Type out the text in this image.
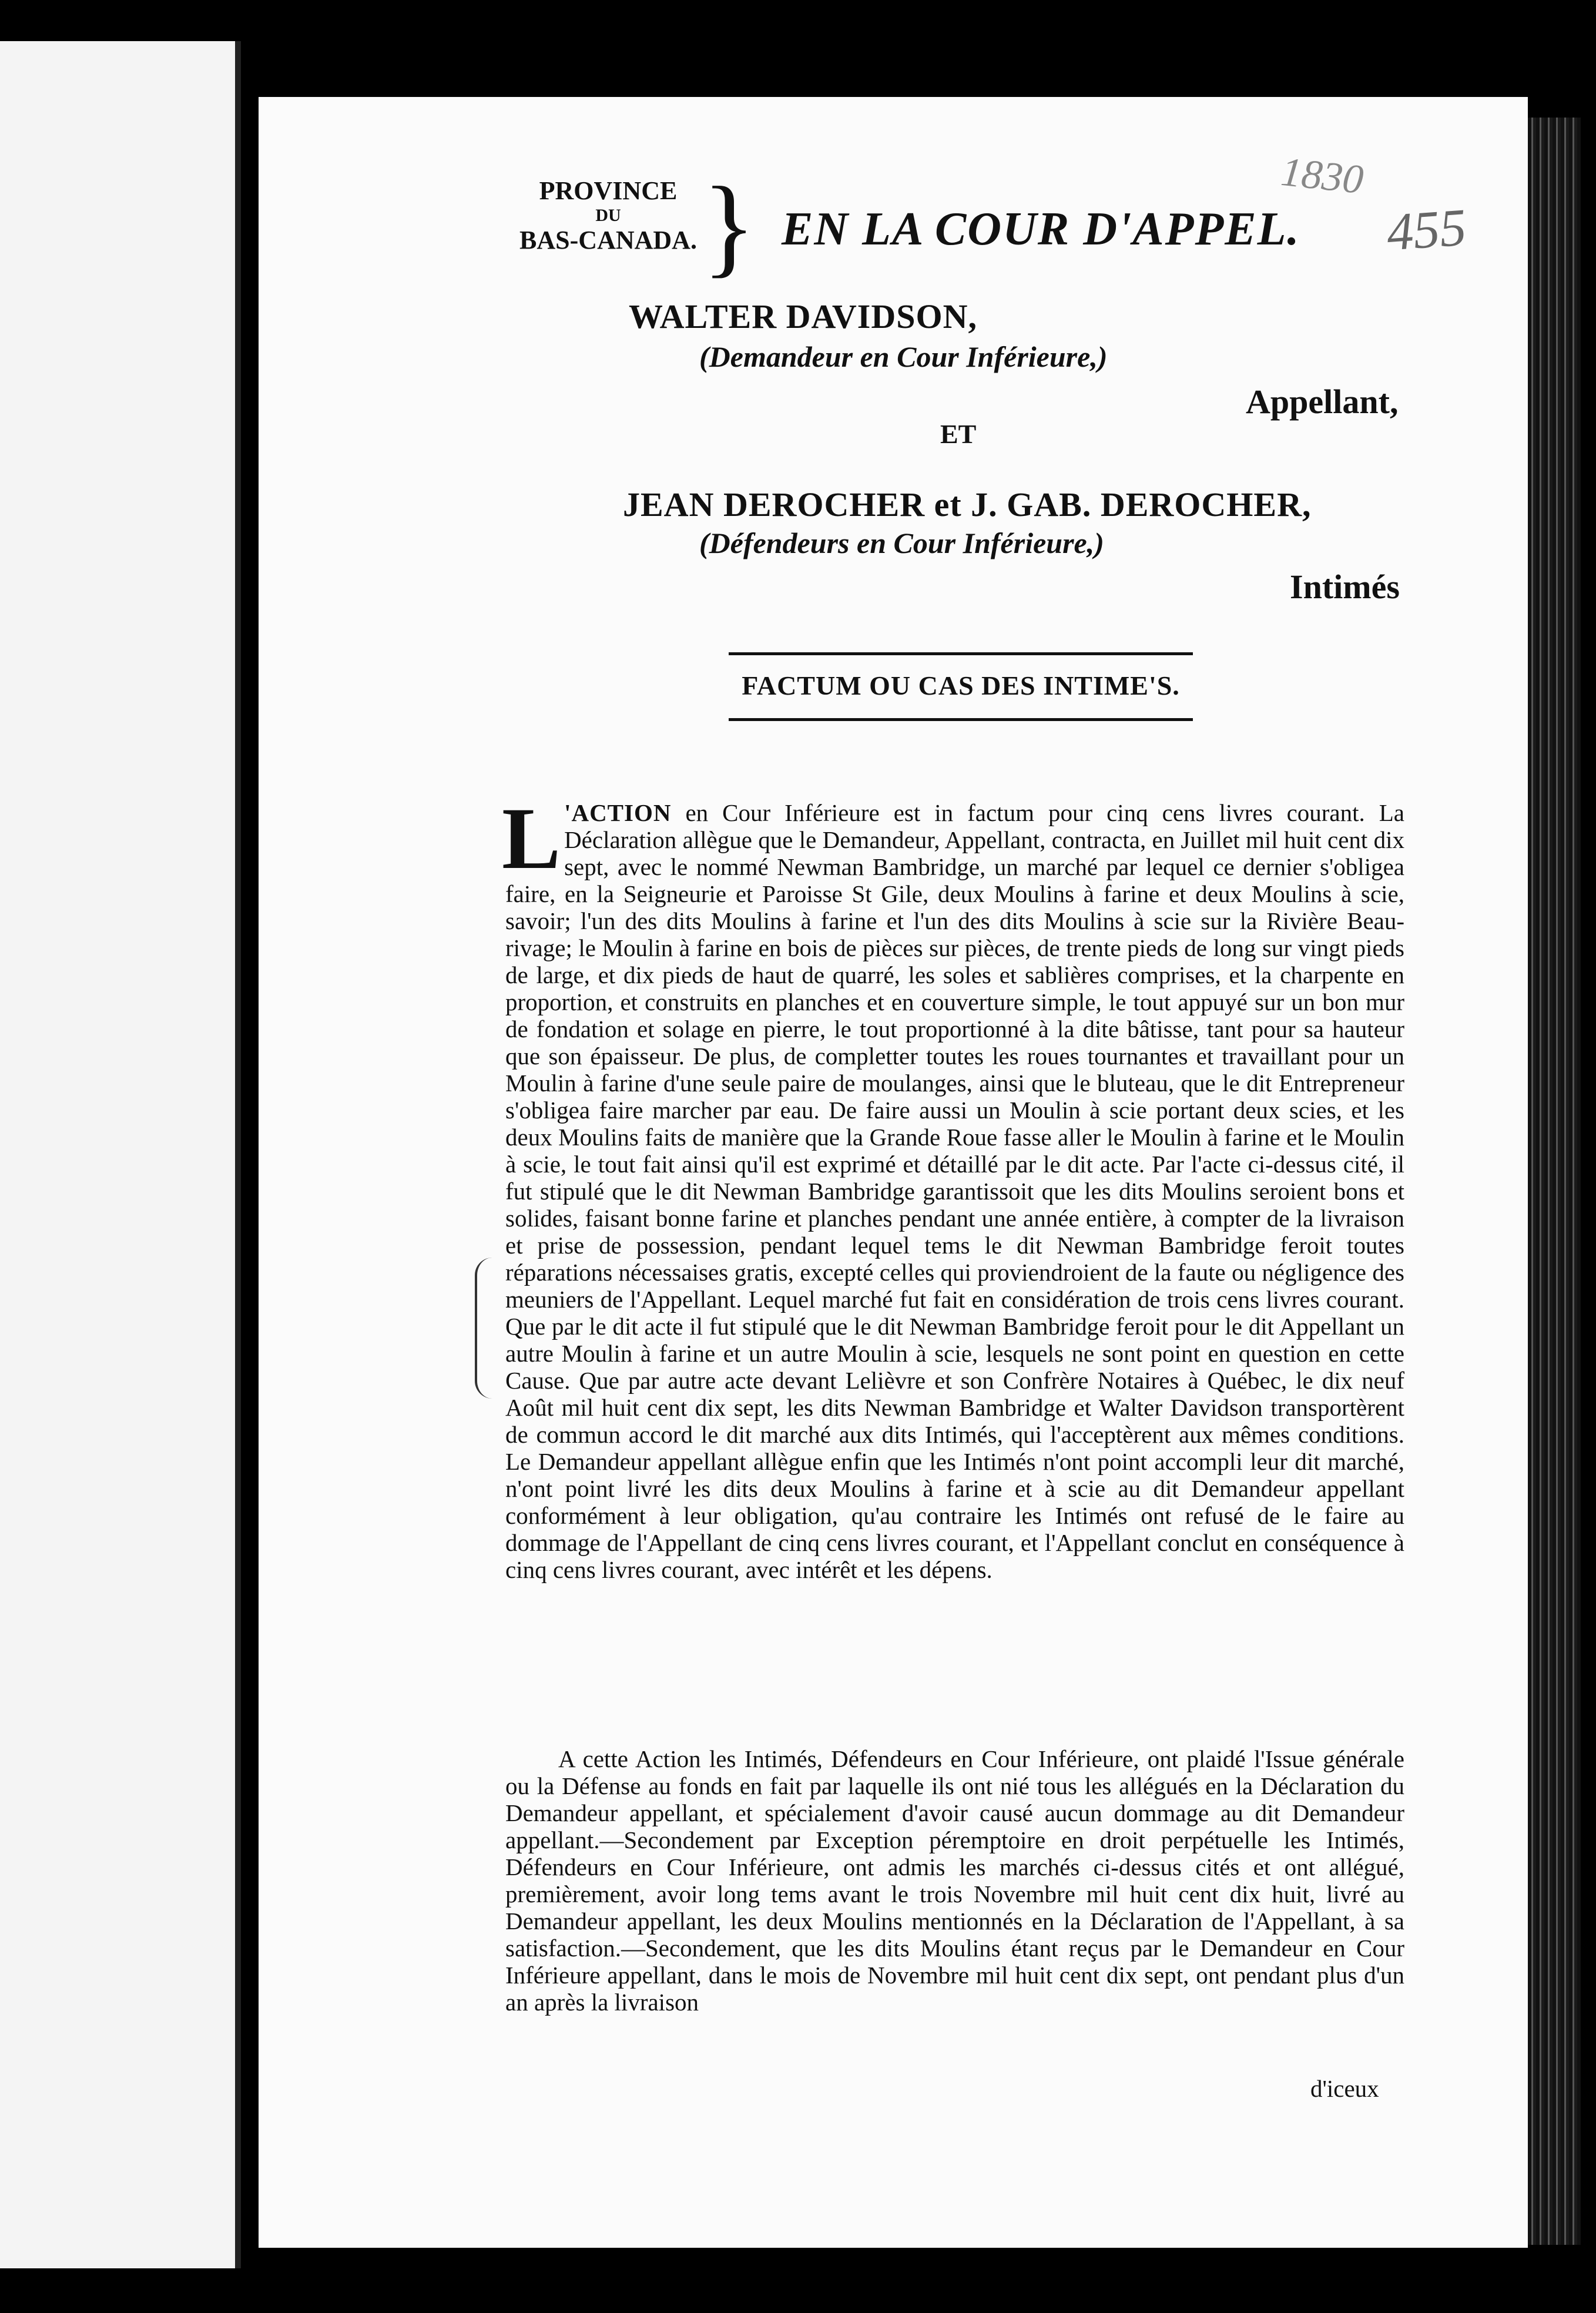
1830
455
PROVINCE
DU
BAS-CANADA. } EN LA COUR D'APPEL.
WALTER DAVIDSON,
(Demandeur en Cour Inférieure,)
Appellant,
ET
JEAN DEROCHER et J. GAB. DEROCHER,
(Défendeurs en Cour Inférieure,)
Intimés
FACTUM OU CAS DES INTIME'S.

L 'ACTION en Cour Inférieure est in factum pour cinq cens livres courant. La Déclaration allègue que le Demandeur, Appellant, contracta, en Juillet mil huit cent dix sept, avec le nommé Newman Bambridge, un marché par lequel ce dernier s'obligea faire, en la Seigneurie et Paroisse St Gile, deux Moulins à farine et deux Moulins à scie, savoir; l'un des dits Moulins à farine et l'un des dits Moulins à scie sur la Rivière Beau-rivage; le Moulin à farine en bois de pièces sur pièces, de trente pieds de long sur vingt pieds de large, et dix pieds de haut de quarré, les soles et sablières comprises, et la charpente en proportion, et construits en planches et en couverture simple, le tout appuyé sur un bon mur de fondation et solage en pierre, le tout proportionné à la dite bâtisse, tant pour sa hauteur que son épaisseur. De plus, de completter toutes les roues tournantes et travaillant pour un Moulin à farine d'une seule paire de moulanges, ainsi que le bluteau, que le dit Entrepreneur s'obligea faire marcher par eau. De faire aussi un Moulin à scie portant deux scies, et les deux Moulins faits de manière que la Grande Roue fasse aller le Moulin à farine et le Moulin à scie, le tout fait ainsi qu'il est exprimé et détaillé par le dit acte. Par l'acte ci-dessus cité, il fut stipulé que le dit Newman Bambridge garantissoit que les dits Moulins seroient bons et solides, faisant bonne farine et planches pendant une année entière, à compter de la livraison et prise de possession, pendant lequel tems le dit Newman Bambridge feroit toutes réparations nécessaises gratis, excepté celles qui proviendroient de la faute ou négligence des meuniers de l'Appellant. Lequel marché fut fait en considération de trois cens livres courant. Que par le dit acte il fut stipulé que le dit Newman Bambridge feroit pour le dit Appellant un autre Moulin à farine et un autre Moulin à scie, lesquels ne sont point en question en cette Cause. Que par autre acte devant Lelièvre et son Confrère Notaires à Québec, le dix neuf Août mil huit cent dix sept, les dits Newman Bambridge et Walter Davidson transportèrent de commun accord le dit marché aux dits Intimés, qui l'acceptèrent aux mêmes conditions. Le Demandeur appellant allègue enfin que les Intimés n'ont point accompli leur dit marché, n'ont point livré les dits deux Moulins à farine et à scie au dit Demandeur appellant conformément à leur obligation, qu'au contraire les Intimés ont refusé de le faire au dommage de l'Appellant de cinq cens livres courant, et l'Appellant conclut en conséquence à cinq cens livres courant, avec intérêt et les dépens.

A cette Action les Intimés, Défendeurs en Cour Inférieure, ont plaidé l'Issue générale ou la Défense au fonds en fait par laquelle ils ont nié tous les allégués en la Déclaration du Demandeur appellant, et spécialement d'avoir causé aucun dommage au dit Demandeur appellant.—Secondement par Exception péremptoire en droit perpétuelle les Intimés, Défendeurs en Cour Inférieure, ont admis les marchés ci-dessus cités et ont allégué, premièrement, avoir long tems avant le trois Novembre mil huit cent dix huit, livré au Demandeur appellant, les deux Moulins mentionnés en la Déclaration de l'Appellant, à sa satisfaction.—Secondement, que les dits Moulins étant reçus par le Demandeur en Cour Inférieure appellant, dans le mois de Novembre mil huit cent dix sept, ont pendant plus d'un an après la livraison

d'iceux
